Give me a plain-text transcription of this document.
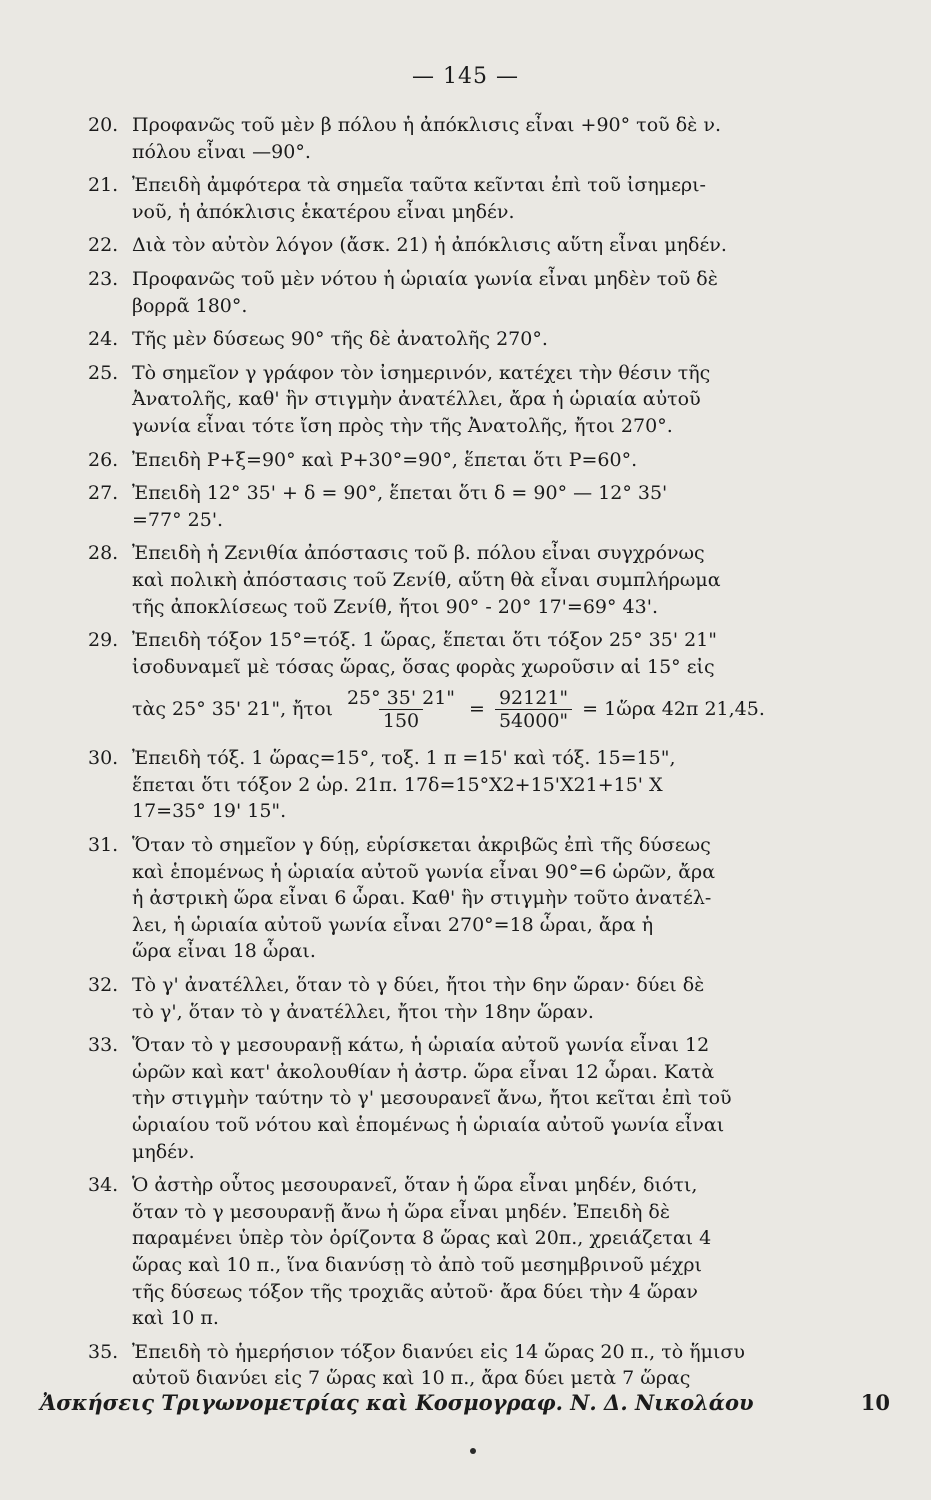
— 145 —
20. Προφανῶς τοῦ μὲν β πόλου ἡ ἀπόκλισις εἶναι +90° τοῦ δὲ ν.
πόλου εἶναι —90°.
21. Ἐπειδὴ ἀμφότερα τὰ σημεῖα ταῦτα κεῖνται ἐπὶ τοῦ ἰσημερι-
νοῦ, ἡ ἀπόκλισις ἑκατέρου εἶναι μηδέν.
22. Διὰ τὸν αὐτὸν λόγον (ἄσκ. 21) ἡ ἀπόκλισις αὕτη εἶναι μηδέν.
23. Προφανῶς τοῦ μὲν νότου ἡ ὡριαία γωνία εἶναι μηδὲν τοῦ δὲ
βορρᾶ 180°.
24. Τῆς μὲν δύσεως 90° τῆς δὲ ἀνατολῆς 270°.
25. Τὸ σημεῖον γ γράφον τὸν ἰσημερινόν, κατέχει τὴν θέσιν τῆς
Ἀνατολῆς, καθ' ἣν στιγμὴν ἀνατέλλει, ἄρα ἡ ὡριαία αὐτοῦ
γωνία εἶναι τότε ἴση πρὸς τὴν τῆς Ἀνατολῆς, ἤτοι 270°.
26. Ἐπειδὴ P+ξ=90° καὶ P+30°=90°, ἕπεται ὅτι P=60°.
27. Ἐπειδὴ 12° 35' + δ = 90°, ἕπεται ὅτι δ = 90° — 12° 35'
=77° 25'.
28. Ἐπειδὴ ἡ Ζενιθία ἀπόστασις τοῦ β. πόλου εἶναι συγχρόνως
καὶ πολικὴ ἀπόστασις τοῦ Ζενίθ, αὕτη θὰ εἶναι συμπλήρωμα
τῆς ἀποκλίσεως τοῦ Ζενίθ, ἤτοι 90° - 20° 17'=69° 43'.
29. Ἐπειδὴ τόξον 15°=τόξ. 1 ὥρας, ἕπεται ὅτι τόξον 25° 35' 21"
ἰσοδυναμεῖ μὲ τόσας ὥρας, ὅσας φορὰς χωροῦσιν αἱ 15° εἰς
τὰς 25° 35' 21", ἤτοι $\frac{25^\circ 35' 21"}{150} = \frac{92121"}{54000"}$ = 1ὥρα 42π 21,45.
30. Ἐπειδὴ τόξ. 1 ὥρας=15°, τοξ. 1 π =15' καὶ τόξ. 15=15",
ἕπεται ὅτι τόξον 2 ὡρ. 21π. 17δ=15°Χ2+15'Χ21+15' Χ
17=35° 19' 15".
31. Ὅταν τὸ σημεῖον γ δύῃ, εὑρίσκεται ἀκριβῶς ἐπὶ τῆς δύσεως
καὶ ἑπομένως ἡ ὡριαία αὐτοῦ γωνία εἶναι 90°=6 ὡρῶν, ἄρα
ἡ ἀστρικὴ ὥρα εἶναι 6 ὧραι. Καθ' ἣν στιγμὴν τοῦτο ἀνατέλ-
λει, ἡ ὡριαία αὐτοῦ γωνία εἶναι 270°=18 ὧραι, ἄρα ἡ
ὥρα εἶναι 18 ὧραι.
32. Τὸ γ' ἀνατέλλει, ὅταν τὸ γ δύει, ἤτοι τὴν 6ην ὥραν· δύει δὲ
τὸ γ', ὅταν τὸ γ ἀνατέλλει, ἤτοι τὴν 18ην ὥραν.
33. Ὅταν τὸ γ μεσουρανῇ κάτω, ἡ ὡριαία αὐτοῦ γωνία εἶναι 12
ὡρῶν καὶ κατ' ἀκολουθίαν ἡ ἀστρ. ὥρα εἶναι 12 ὧραι. Κατὰ
τὴν στιγμὴν ταύτην τὸ γ' μεσουρανεῖ ἄνω, ἤτοι κεῖται ἐπὶ τοῦ
ὡριαίου τοῦ νότου καὶ ἑπομένως ἡ ὡριαία αὐτοῦ γωνία εἶναι
μηδέν.
34. Ὁ ἀστὴρ οὗτος μεσουρανεῖ, ὅταν ἡ ὥρα εἶναι μηδέν, διότι,
ὅταν τὸ γ μεσουρανῇ ἄνω ἡ ὥρα εἶναι μηδέν. Ἐπειδὴ δὲ
παραμένει ὑπὲρ τὸν ὁρίζοντα 8 ὥρας καὶ 20π., χρειάζεται 4
ὥρας καὶ 10 π., ἵνα διανύσῃ τὸ ἀπὸ τοῦ μεσημβρινοῦ μέχρι
τῆς δύσεως τόξον τῆς τροχιᾶς αὐτοῦ· ἄρα δύει τὴν 4 ὥραν
καὶ 10 π.
35. Ἐπειδὴ τὸ ἡμερήσιον τόξον διανύει εἰς 14 ὥρας 20 π., τὸ ἥμισυ
αὐτοῦ διανύει εἰς 7 ὥρας καὶ 10 π., ἄρα δύει μετὰ 7 ὥρας
Ἀσκήσεις Τριγωνομετρίας καὶ Κοσμογραφ. Ν. Δ. Νικολάου	10
